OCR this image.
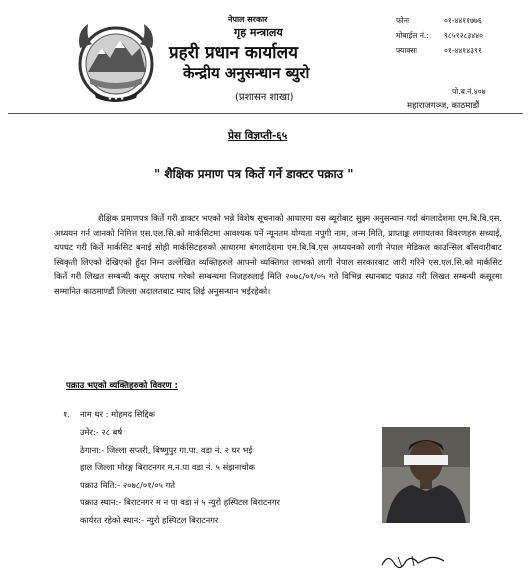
★ ★ ★
नेपाल सरकार
गृह मन्त्रालय
प्रहरी प्रधान कार्यालय
केन्द्रीय अनुसन्धान ब्युरो
(प्रशासन शाखा)
फोनः	०१-४४११७७६
मोबाईल नं.: ९८५१२८३४४०
फ्याक्सः	०१-४४१४३९१
पो.ब.नं.४०७
महाराजगञ्ज, काठमाडौं
प्रेस विज्ञप्ती-६५
" शैक्षिक प्रमाण पत्र किर्ते गर्ने डाक्टर पक्राउ "
शैक्षिक प्रमाणपत्र किर्ते गरी डाक्टर भएको भन्ने विशेष सूचनाको आधारमा यस ब्यूरोबाट सुक्ष्म अनुसन्धान गर्दा बंगलादेशमा एम.बि.बि.एस. अध्ययन गर्न जानको निमित्त एस.एल.सि.को मार्कसिटमा आवश्यक पर्ने न्यूनतम योग्यता नपुगी नाम, जन्म मिति, प्राप्ताङ्क लगायतका विवरणहरु सच्याई, थपघट गरी किर्ते मार्कसिट बनाई सोही मार्कसिटहरुको आधारमा बंगलादेशमा एम.बि.बि.एस अध्ययनको लागी नेपाल मेडिकल काउन्सिल बाँसवारीबाट स्विकृती लिएको देखिएको हुँदा निम्न उल्लेखित व्यक्तिहरुले आफ्नो व्यक्तिगत लाभको लागी नेपाल सरकारबाट जारी गरिने एस.एल.सि.को मार्कसिट किर्ते गरी लिखत सम्बन्धी कसूर अपराध गरेको सम्बन्धमा निजहरुलाई मिति २०७८/०१/०५ गते विभिन्न स्थानबाट पक्राउ गरी लिखत सम्बन्धी कसूरमा सम्मानित काठमाण्डौं जिल्ला अदालतबाट म्याद लिई अनुसन्धान भईरहेको।
पक्राउ भएको व्यक्तिहरुको विवरण :
१. नाम थर : मोहमद सिद्दिक
उमेर:- २८ बर्ष
ठेगाना:- जिल्ला सप्तरी, बिष्णुपुर गा.पा. वडा नं. २ घर भई
हाल जिल्ला मोरङ्ग बिराटनगर म.न.पा वडा नं. ५ संझनाचोक
पक्राउ मिति:- २०७८/०१/०५ गते
पक्राउ स्थान:- बिराटनगर म न पा वडा नं ५ न्युरो हस्पिटल बिराटनगर
कार्यरत रहेको स्थान:- न्युरो हस्पिटल बिराटनगर
